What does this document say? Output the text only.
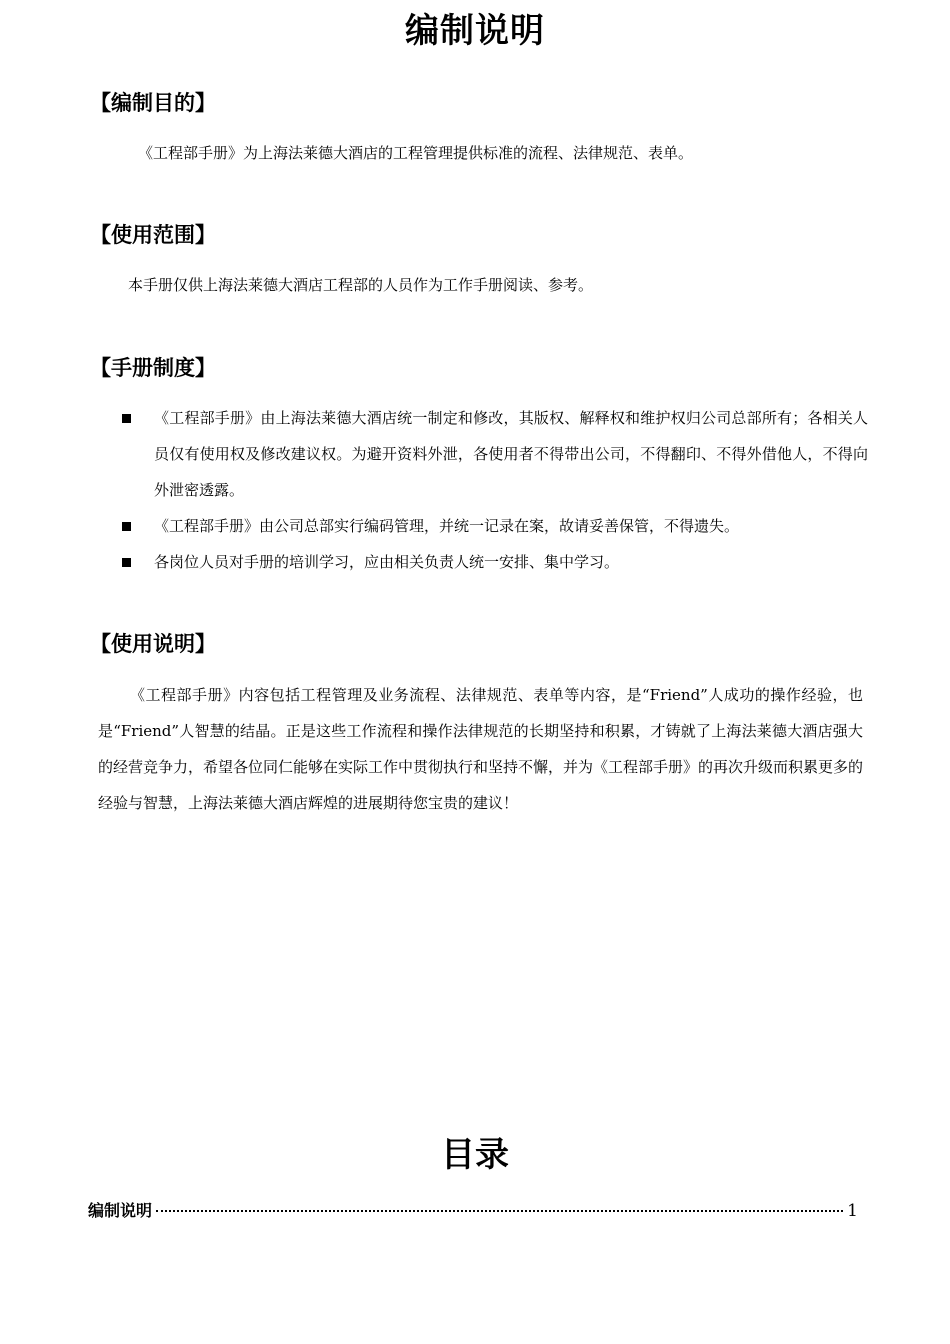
编制说明
【编制目的】
《工程部手册》为上海法莱德大酒店的工程管理提供标准的流程、法律规范、表单。
【使用范围】
本手册仅供上海法莱德大酒店工程部的人员作为工作手册阅读、参考。
【手册制度】
《工程部手册》由上海法莱德大酒店统一制定和修改，其版权、解释权和维护权归公司总部所有；各相关人员仅有使用权及修改建议权。为避开资料外泄，各使用者不得带出公司，不得翻印、不得外借他人，不得向外泄密透露。
《工程部手册》由公司总部实行编码管理，并统一记录在案，故请妥善保管，不得遗失。
各岗位人员对手册的培训学习，应由相关负责人统一安排、集中学习。
【使用说明】
《工程部手册》内容包括工程管理及业务流程、法律规范、表单等内容，是“Friend”人成功的操作经验，也是“Friend”人智慧的结晶。正是这些工作流程和操作法律规范的长期坚持和积累，才铸就了上海法莱德大酒店强大的经营竞争力，希望各位同仁能够在实际工作中贯彻执行和坚持不懈，并为《工程部手册》的再次升级而积累更多的经验与智慧，上海法莱德大酒店辉煌的进展期待您宝贵的建议！
目录
编制说明	1
